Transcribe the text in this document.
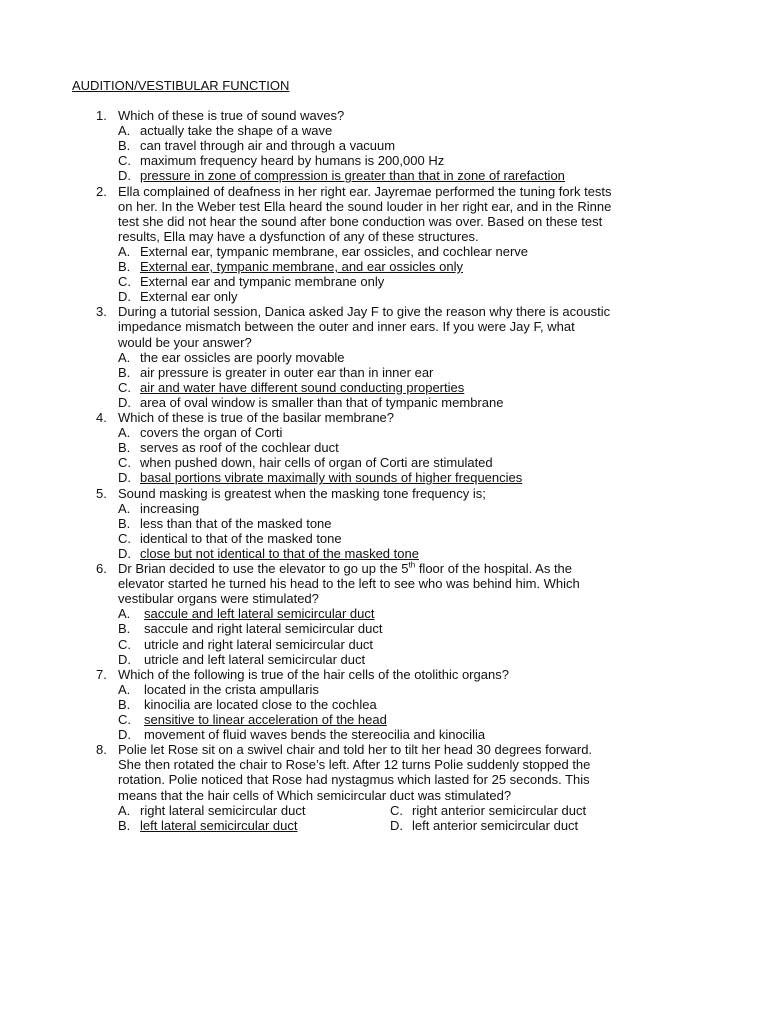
AUDITION/VESTIBULAR FUNCTION
1. Which of these is true of sound waves?
A. actually take the shape of a wave
B. can travel through air and through a vacuum
C. maximum frequency heard by humans is 200,000 Hz
D. pressure in zone of compression is greater than that in zone of rarefaction
2. Ella complained of deafness in her right ear. Jayremae performed the tuning fork tests
on her. In the Weber test Ella heard the sound louder in her right ear, and in the Rinne
test she did not hear the sound after bone conduction was over. Based on these test
results, Ella may have a dysfunction of any of these structures.
A. External ear, tympanic membrane, ear ossicles, and cochlear nerve
B. External ear, tympanic membrane, and ear ossicles only
C. External ear and tympanic membrane only
D. External ear only
3. During a tutorial session, Danica asked Jay F to give the reason why there is acoustic
impedance mismatch between the outer and inner ears. If you were Jay F, what
would be your answer?
A. the ear ossicles are poorly movable
B. air pressure is greater in outer ear than in inner ear
C. air and water have different sound conducting properties
D. area of oval window is smaller than that of tympanic membrane
4. Which of these is true of the basilar membrane?
A. covers the organ of Corti
B. serves as roof of the cochlear duct
C. when pushed down, hair cells of organ of Corti are stimulated
D. basal portions vibrate maximally with sounds of higher frequencies
5. Sound masking is greatest when the masking tone frequency is;
A. increasing
B. less than that of the masked tone
C. identical to that of the masked tone
D. close but not identical to that of the masked tone
6. Dr Brian decided to use the elevator to go up the 5th floor of the hospital. As the
elevator started he turned his head to the left to see who was behind him. Which
vestibular organs were stimulated?
A. saccule and left lateral semicircular duct
B. saccule and right lateral semicircular duct
C. utricle and right lateral semicircular duct
D. utricle and left lateral semicircular duct
7. Which of the following is true of the hair cells of the otolithic organs?
A. located in the crista ampullaris
B. kinocilia are located close to the cochlea
C. sensitive to linear acceleration of the head
D. movement of fluid waves bends the stereocilia and kinocilia
8. Polie let Rose sit on a swivel chair and told her to tilt her head 30 degrees forward.
She then rotated the chair to Rose’s left. After 12 turns Polie suddenly stopped the
rotation. Polie noticed that Rose had nystagmus which lasted for 25 seconds. This
means that the hair cells of Which semicircular duct was stimulated?
A. right lateral semicircular duct	C. right anterior semicircular duct
B. left lateral semicircular duct	D. left anterior semicircular duct
